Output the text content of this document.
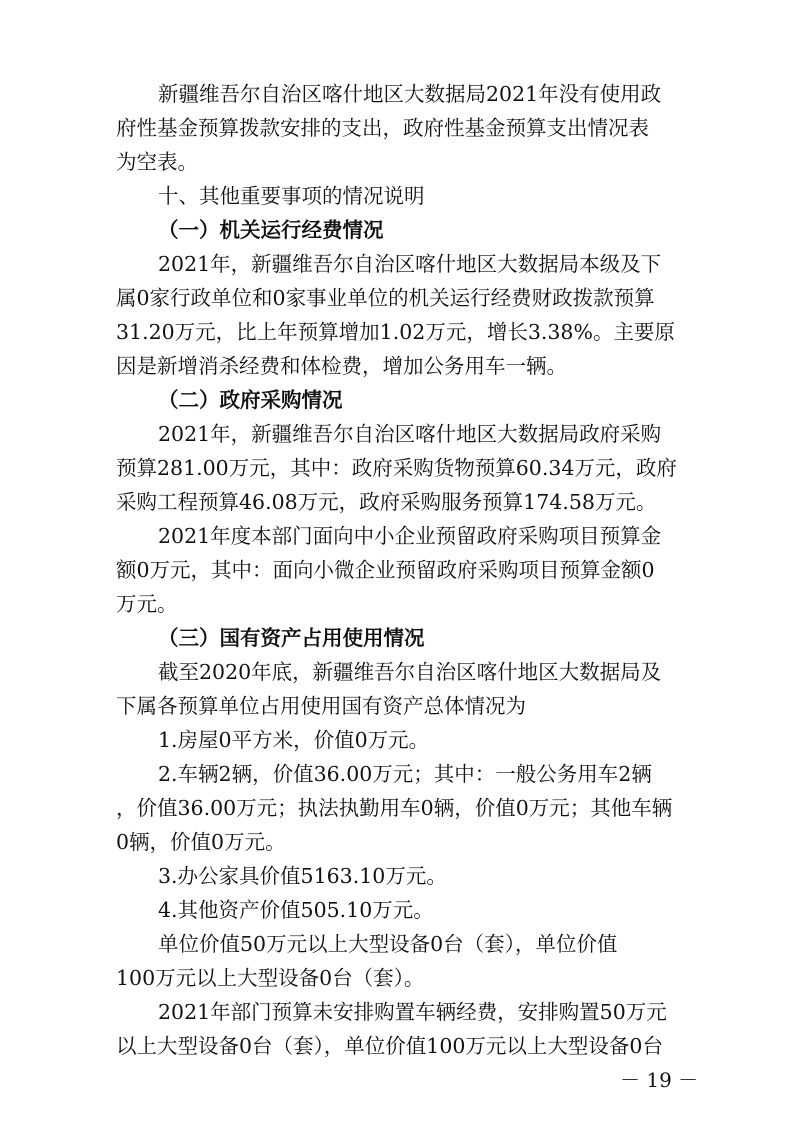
新疆维吾尔自治区喀什地区大数据局2021年没有使用政
府性基金预算拨款安排的支出，政府性基金预算支出情况表
为空表。
十、其他重要事项的情况说明
（一）机关运行经费情况
2021年，新疆维吾尔自治区喀什地区大数据局本级及下
属0家行政单位和0家事业单位的机关运行经费财政拨款预算
31.20万元，比上年预算增加1.02万元，增长3.38%。主要原
因是新增消杀经费和体检费，增加公务用车一辆。
（二）政府采购情况
2021年，新疆维吾尔自治区喀什地区大数据局政府采购
预算281.00万元，其中：政府采购货物预算60.34万元，政府
采购工程预算46.08万元，政府采购服务预算174.58万元。
2021年度本部门面向中小企业预留政府采购项目预算金
额0万元，其中：面向小微企业预留政府采购项目预算金额0
万元。
（三）国有资产占用使用情况
截至2020年底，新疆维吾尔自治区喀什地区大数据局及
下属各预算单位占用使用国有资产总体情况为
1.房屋0平方米，价值0万元。
2.车辆2辆，价值36.00万元；其中：一般公务用车2辆
，价值36.00万元；执法执勤用车0辆，价值0万元；其他车辆
0辆，价值0万元。
3.办公家具价值5163.10万元。
4.其他资产价值505.10万元。
单位价值50万元以上大型设备0台（套），单位价值
100万元以上大型设备0台（套）。
2021年部门预算未安排购置车辆经费，安排购置50万元
以上大型设备0台（套），单位价值100万元以上大型设备0台
－ 19 －
